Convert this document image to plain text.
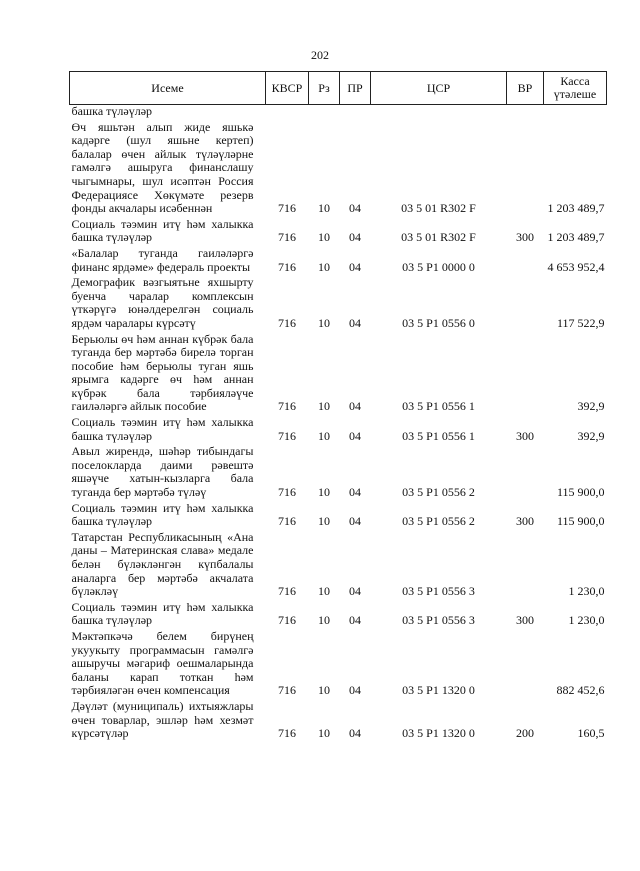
202
Исеме	КВСР	Рз	ПР	ЦСР	ВР	Касса үтәлеше
башка түләүләр						
Өч яшьтән алып жиде яшькә кадәрге (шул яшьне кертеп) балалар өчен айлык түләүләрне гамәлгә ашыруга финанслашу чыгымнары, шул исәптән Россия Федерациясе Хөкүмәте резерв фонды акчалары исәбеннән	716	10	04	03 5 01 R302 F		1 203 489,7
Социаль тәэмин итү һәм халыкка башка түләүләр	716	10	04	03 5 01 R302 F	300	1 203 489,7
«Балалар туганда гаиләләргә финанс ярдәме» федераль проекты	716	10	04	03 5 P1 0000 0		4 653 952,4
Демографик вәзгыятьне яхшырту буенча чаралар комплексын үткәрүгә юнәлдерелгән социаль ярдәм чаралары күрсәтү	716	10	04	03 5 P1 0556 0		117 522,9
Берьюлы өч һәм аннан күбрәк бала туганда бер мәртәбә бирелә торган пособие һәм берьюлы туган яшь ярымга кадәрге өч һәм аннан күбрәк бала тәрбияләүче гаиләләргә айлык пособие	716	10	04	03 5 P1 0556 1		392,9
Социаль тәэмин итү һәм халыкка башка түләүләр	716	10	04	03 5 P1 0556 1	300	392,9
Авыл жирендә, шәһәр тибындагы поселокларда даими рәвештә яшәүче хатын-кызларга бала туганда бер мәртәбә түләү	716	10	04	03 5 P1 0556 2		115 900,0
Социаль тәэмин итү һәм халыкка башка түләүләр	716	10	04	03 5 P1 0556 2	300	115 900,0
Татарстан Республикасының «Ана даны – Материнская слава» медале белән бүләкләнгән күпбалалы аналарга бер мәртәбә акчалата бүләкләү	716	10	04	03 5 P1 0556 3		1 230,0
Социаль тәэмин итү һәм халыкка башка түләүләр	716	10	04	03 5 P1 0556 3	300	1 230,0
Мәктәпкәчә белем бирүнең укуукыту программасын гамәлгә ашыручы мәгариф оешмаларында баланы карап тоткан һәм тәрбияләгән өчен компенсация	716	10	04	03 5 P1 1320 0		882 452,6
Дәүләт (муниципаль) ихтыяжлары өчен товарлар, эшләр һәм хезмәт күрсәтүләр	716	10	04	03 5 P1 1320 0	200	160,5
